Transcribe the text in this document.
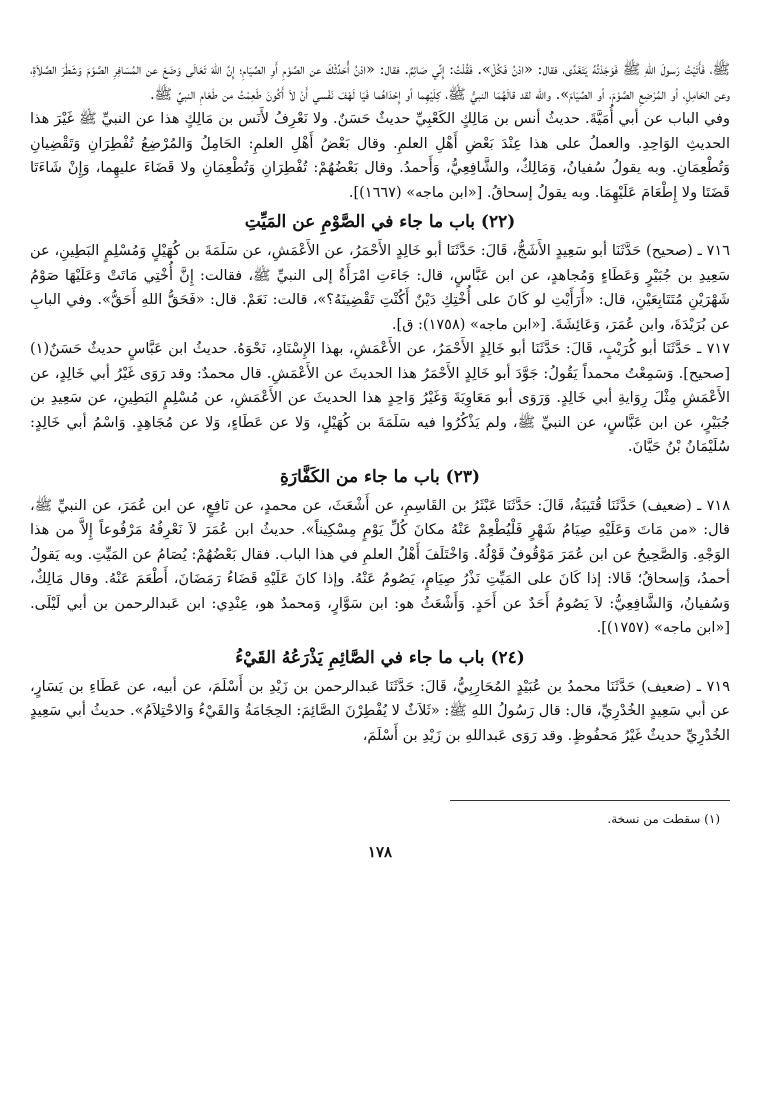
ﷺ، فَأَتَيْتُ رَسولَ اللهِ ﷺ فَوَجَدْتُهُ يَتَغَدَّى، فقال: «ادْنُ فَكُلْ». فَقُلْتُ: إِنِّي صَائِمٌ. فقال: «ادْنُ أُحَدِّثْكَ عن الصَّوْمِ أَوِ الصِّيَامِ؛ إِنَّ اللهَ تَعَالَى وَضَعَ عن المُسَافِرِ الصَّوْمَ وَشَطْرَ الصَّلاَةِ، وعن الحَامِلِ، أو المُرْضِعِ الصَّوْمَ، أو الصِّيَامَ». والله لقد قالَهُمَا النبيُّ ﷺ، كِلَيْهِما أو إِحْدَاهُما فَيَا لَهْفَ نَفْسي أَنْ لاَ أَكُونَ طَعِمْتُ من طَعَامِ النبيِّ ﷺ.

وفي الباب عن أبي أُمَيَّةَ. حديثُ أنس بن مَالِكٍ الكَعْبِيِّ حديثٌ حَسَنٌ. ولا نَعْرِفُ لأَنَس بن مَالِكٍ هذا عن النبيِّ ﷺ غَيْرَ هذا الحديثِ الوَاحِدِ. والعملُ على هذا عِنْدَ بَعْضِ أَهْلِ العلمِ. وقال بَعْضُ أَهْلِ العلمِ: الحَامِلُ وَالمُرْضِعُ تُفْطِرَانِ وَتَقْضِيانِ وَتُطْعِمَانِ. وبه يقولُ سُفيانُ، وَمَالِكٌ، والشَّافِعِيُّ، وَأَحمدُ. وقال بَعْضُهُمْ: تُفْطِرَانِ وَتُطْعِمَانِ ولا قَضَاءَ عليهِما، وَإِنْ شَاءَتَا قَضَتَا ولا إِطْعَامَ عَلَيْهِمَا. وبه يقولُ إسحاقُ. [«ابن ماجه» (١٦٦٧)].

(٢٢) باب ما جاء في الصَّوْمِ عن المَيِّتِ

٧١٦ ـ (صحيح) حَدَّثَنَا أبو سَعِيدٍ الأَشَجُّ، قَالَ: حَدَّثَنَا أبو خَالِدٍ الأَحْمَرُ، عن الأَعْمَشِ، عن سَلَمَةَ بن كُهَيْلٍ وَمُسْلِمٍ البَطِينِ، عن سَعِيدِ بن جُبَيْرٍ وَعَطَاءٍ وَمُجاهدٍ، عن ابن عَبَّاسٍ، قال: جَاءَتِ امْرَأَةٌ إلى النبيِّ ﷺ، فقالت: إِنَّ أُخْتِي مَاتَتْ وَعَلَيْهَا صَوْمُ شَهْرَيْنِ مُتَتَابِعَيْنِ، قال: «أَرَأَيْتِ لو كَانَ على أُخْتِكِ دَيْنٌ أَكُنْتِ تَقْضِينَهُ؟»، قالت: نَعَمْ. قال: «فَحَقُّ اللهِ أَحَقُّ». وفي البابِ عن بُرَيْدَةَ، وابن عُمَرَ، وَعَائِشَةَ. [«ابن ماجه» (١٧٥٨): ق].

٧١٧ ـ حَدَّثَنَا أبو كُرَيْبٍ، قَالَ: حَدَّثَنَا أبو خَالِدٍ الأَحْمَرُ، عن الأَعْمَشِ، بهذا الإِسْنَادِ، نَحْوَهُ. حديثُ ابن عَبَّاسٍ حديثٌ حَسَنٌ(١) [صحيح]. وَسَمِعْتُ محمداً يَقُولُ: جَوَّدَ أبو خَالِدٍ الأَحْمَرُ هذا الحديثَ عن الأَعْمَشِ. قال محمدٌ: وقد رَوَى غَيْرُ أبي خَالِدٍ، عن الأَعْمَشِ مِثْلَ رِوَايةِ أبي خَالِدٍ. وَرَوَى أبو مَعَاوِيَةَ وَغَيْرُ وَاحِدٍ هذا الحديثَ عن الأَعْمَشِ، عن مُسْلِمٍ البَطِينِ، عن سَعِيدِ بن جُبَيْرٍ، عن ابن عَبَّاسٍ، عن النبيِّ ﷺ، ولم يَذْكُرُوا فيه سَلَمَةَ بن كُهَيْلٍ، وَلا عن عَطَاءٍ، وَلا عن مُجَاهِدٍ. وَاسْمُ أبي خَالِدٍ: سُلَيْمَانُ بْنُ حَيَّانَ.

(٢٣) باب ما جاء من الكَفَّارَةِ

٧١٨ ـ (ضعيف) حَدَّثَنَا قُتَيبَةُ، قَالَ: حَدَّثَنَا عَبْثَرُ بن القَاسِمِ، عن أَشْعَثَ، عن محمدٍ، عن نَافِعٍ، عن ابن عُمَرَ، عن النبيِّ ﷺ، قال: «من مَاتَ وَعَلَيْهِ صِيَامُ شَهْرٍ فَلْيُطْعِمْ عَنْهُ مكانَ كُلِّ يَوْمٍ مِسْكِيناً». حديثُ ابن عُمَرَ لاَ نَعْرِفُهُ مَرْفُوعاً إِلاَّ من هذا الوَجْهِ. وَالصَّحِيحُ عن ابن عُمَرَ مَوْقُوفٌ قَوْلُهُ. وَاخْتَلَفَ أَهْلُ العلمِ في هذا الباب. فقال بَعْضُهُمْ: يُصَامُ عن المَيِّتِ. وبه يَقولُ أحمدُ، وَإسحاقُ؛ قَالا: إذا كَانَ على المَيِّتِ نَذْرُ صِيَامٍ، يَصُومُ عَنْهُ. وإذا كانَ عَلَيْهِ قَضَاءُ رَمَضَانَ، أَطْعَمَ عَنْهُ. وقال مَالِكٌ، وَسُفيانُ، وَالشَّافِعِيُّ: لاَ يَصُومُ أَحَدٌ عن أَحَدٍ. وَأَشْعَثُ هو: ابن سَوَّارٍ، وَمحمدٌ هو، عِنْدِي: ابن عَبدالرحمن بن أبي لَيْلَى. [«ابن ماجه» (١٧٥٧)].

(٢٤) باب ما جاء في الصَّائِمِ يَذْرَعُهُ القَيْءُ

٧١٩ ـ (ضعيف) حَدَّثَنَا محمدُ بن عُبَيْدٍ المُحَارِبِيُّ، قَالَ: حَدَّثَنَا عَبدالرحمن بن زَيْدِ بن أَسْلَمَ، عن أبيه، عن عَطَاءِ بن يَسَارٍ، عن أبي سَعِيدٍ الخُدْرِيِّ، قال: قال رَسُولُ اللهِ ﷺ: «ثَلاَثٌ لا يُفْطِرْنَ الصَّائِمَ: الحِجَامَةُ وَالقَيْءُ وَالاحْتِلاَمُ». حديثُ أبي سَعِيدٍ الخُدْرِيِّ حديثٌ غَيْرُ مَحفُوظٍ. وقد رَوَى عَبداللهِ بن زَيْدِ بن أَسْلَمَ،

(١) سقطت من نسخة.
١٧٨
